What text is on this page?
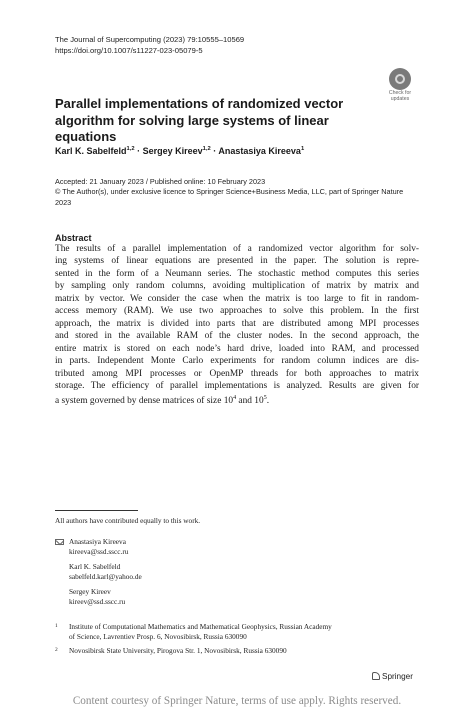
The Journal of Supercomputing (2023) 79:10555–10569
https://doi.org/10.1007/s11227-023-05079-5
Check for
updates
Parallel implementations of randomized vector algorithm for solving large systems of linear equations
Karl K. Sabelfeld$^{1,2}$ · Sergey Kireev$^{1,2}$ · Anastasiya Kireeva$^1$
Accepted: 21 January 2023 / Published online: 10 February 2023
© The Author(s), under exclusive licence to Springer Science+Business Media, LLC, part of Springer Nature
2023
Abstract
The results of a parallel implementation of a randomized vector algorithm for solv-
ing systems of linear equations are presented in the paper. The solution is repre-
sented in the form of a Neumann series. The stochastic method computes this series
by sampling only random columns, avoiding multiplication of matrix by matrix and
matrix by vector. We consider the case when the matrix is too large to fit in random-
access memory (RAM). We use two approaches to solve this problem. In the first
approach, the matrix is divided into parts that are distributed among MPI processes
and stored in the available RAM of the cluster nodes. In the second approach, the
entire matrix is stored on each node’s hard drive, loaded into RAM, and processed
in parts. Independent Monte Carlo experiments for random column indices are dis-
tributed among MPI processes or OpenMP threads for both approaches to matrix
storage. The efficiency of parallel implementations is analyzed. Results are given for
a system governed by dense matrices of size $10^4$ and $10^5$.
All authors have contributed equally to this work.
Anastasiya Kireeva
kireeva@ssd.sscc.ru
Karl K. Sabelfeld
sabelfeld.karl@yahoo.de
Sergey Kireev
kireev@ssd.sscc.ru
1 Institute of Computational Mathematics and Mathematical Geophysics, Russian Academy
of Science, Lavrentiev Prosp. 6, Novosibirsk, Russia 630090
2 Novosibirsk State University, Pirogova Str. 1, Novosibirsk, Russia 630090
Springer
Content courtesy of Springer Nature, terms of use apply. Rights reserved.
